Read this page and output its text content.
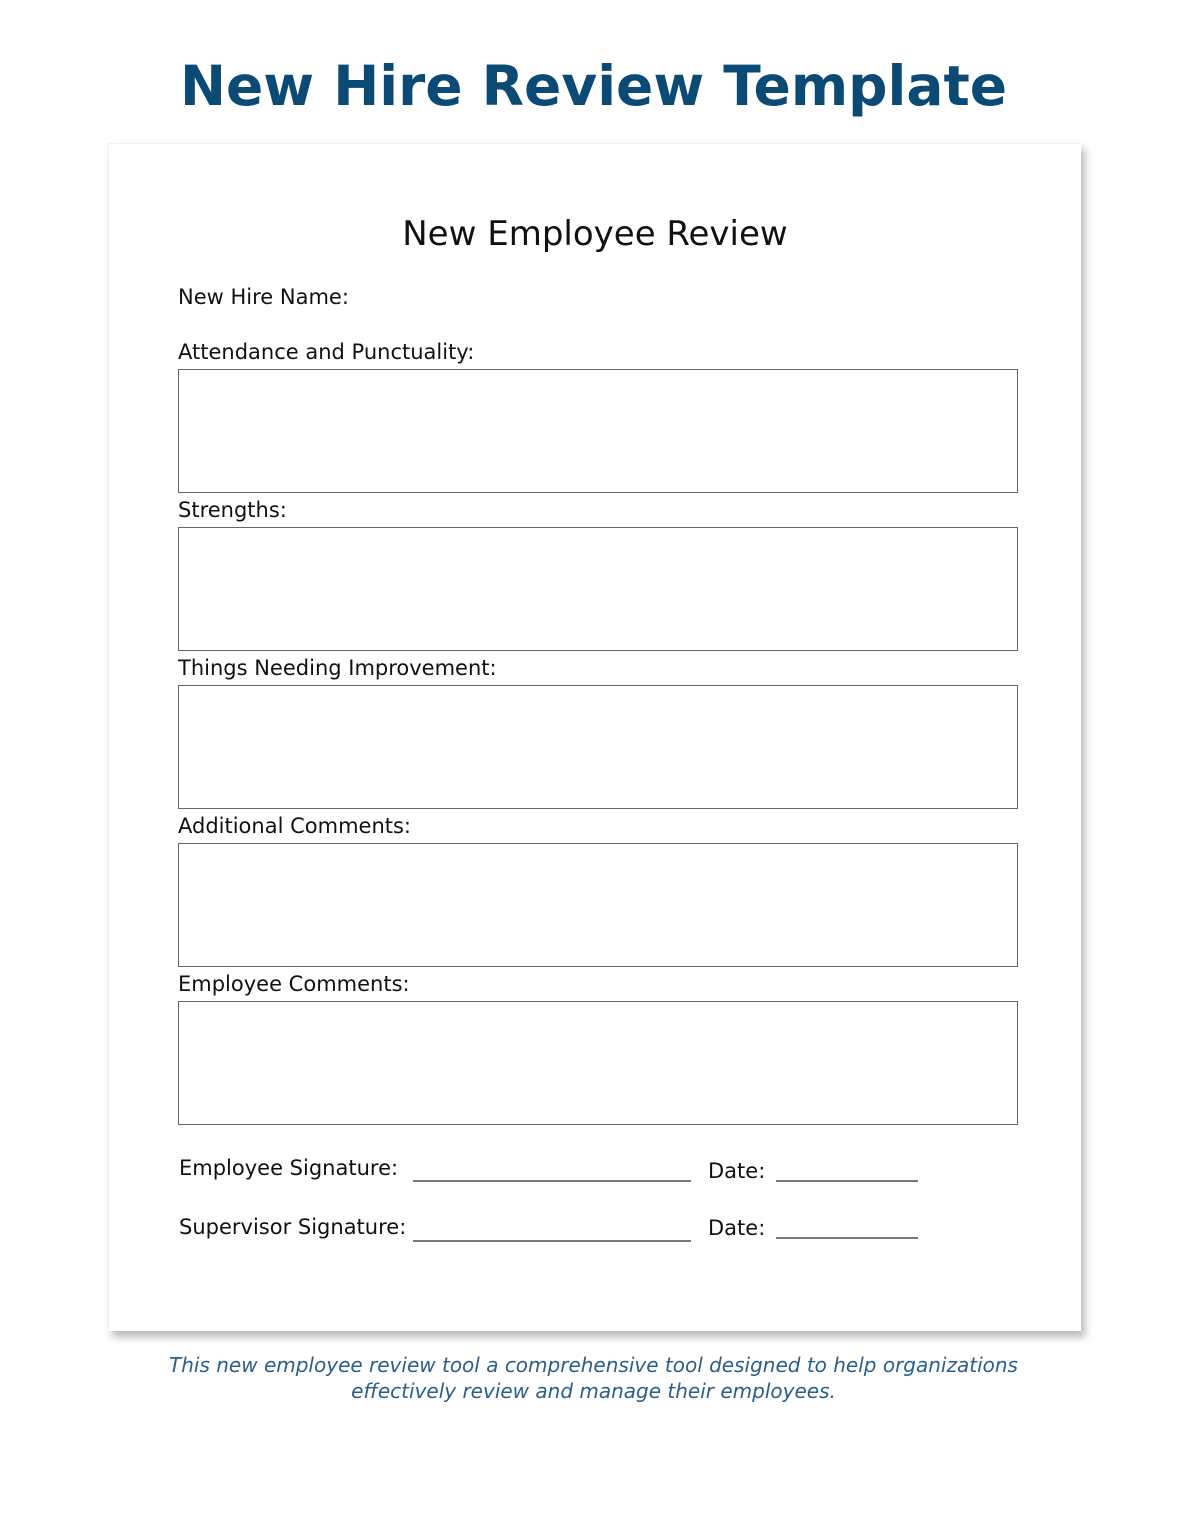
New Hire Review Template
New Employee Review
New Hire Name:
Attendance and Punctuality:
Strengths:
Things Needing Improvement:
Additional Comments:
Employee Comments:
Employee Signature:	Date:
Supervisor Signature:	Date:
This new employee review tool a comprehensive tool designed to help organizations
effectively review and manage their employees.
